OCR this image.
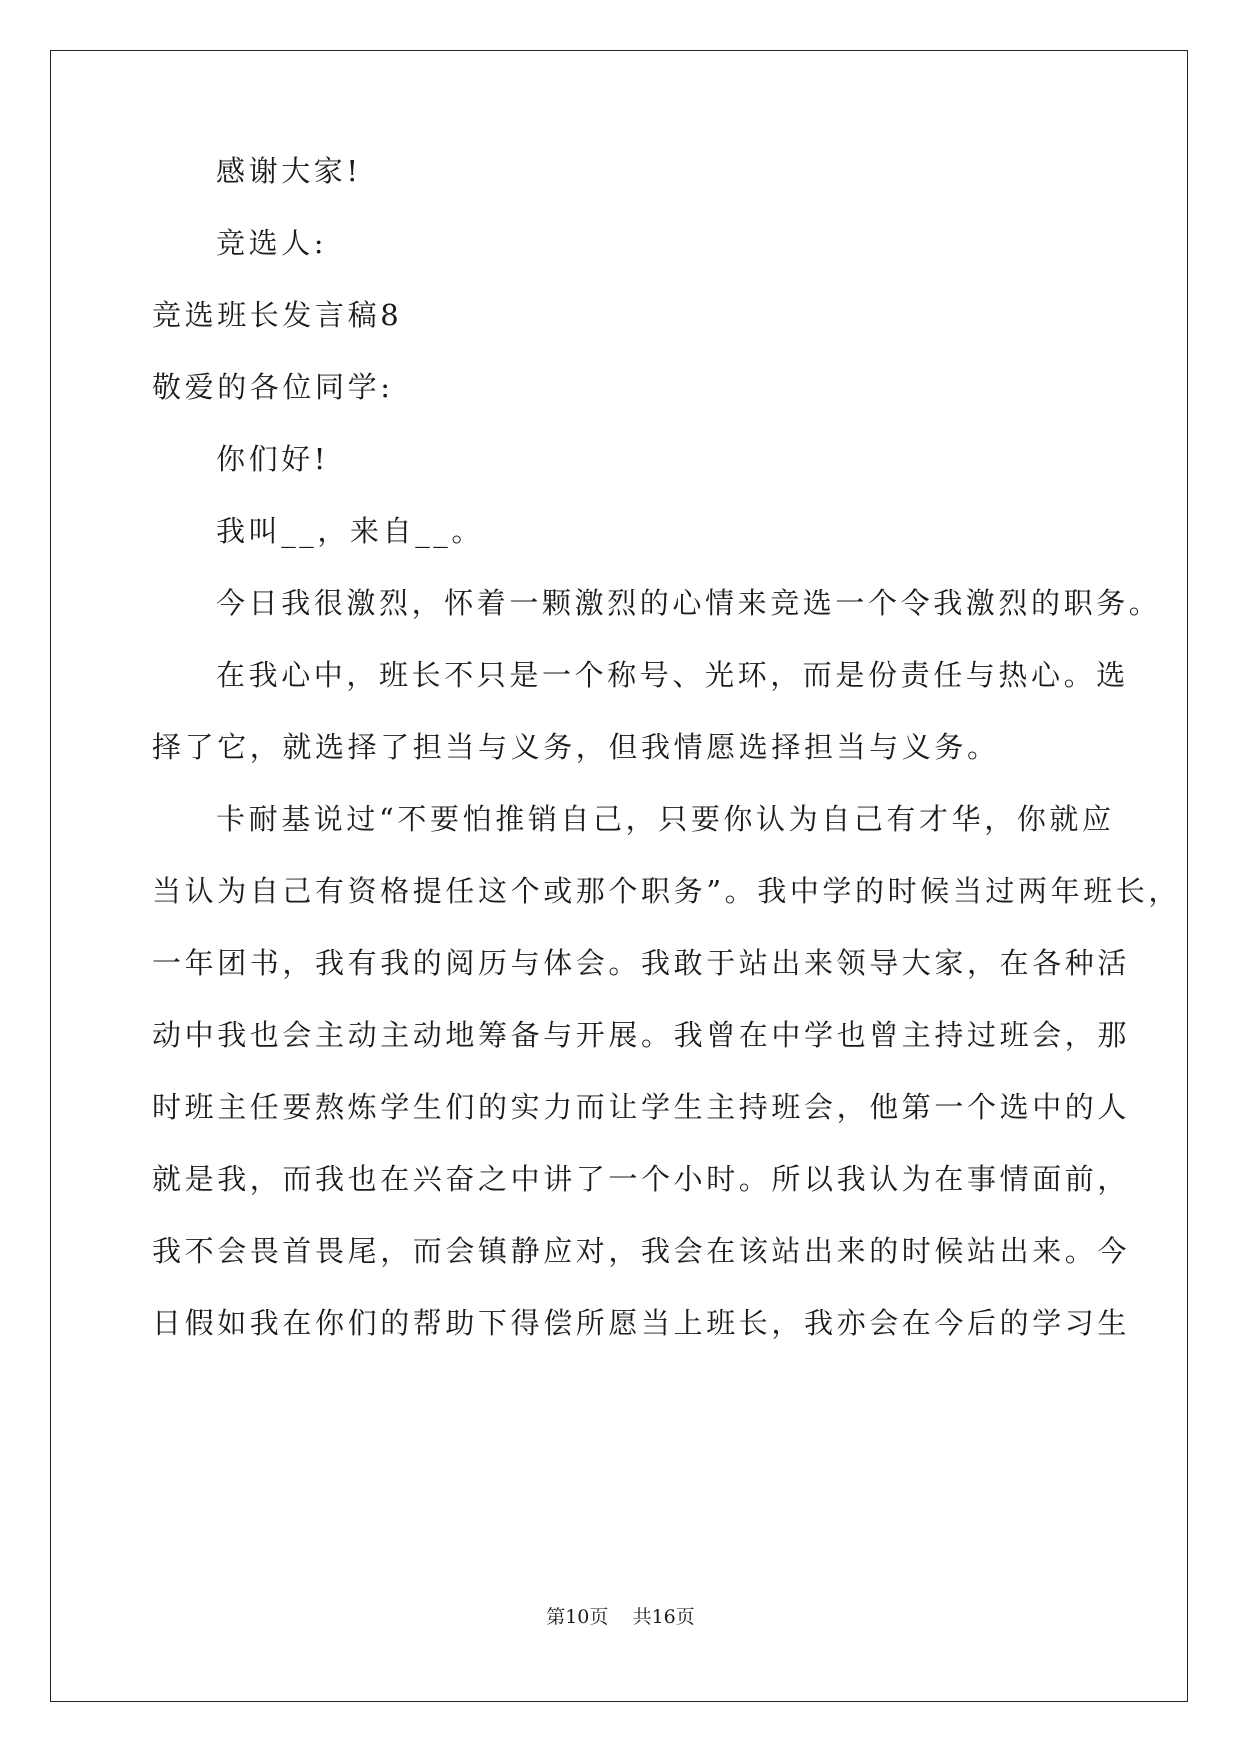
感谢大家!
竞选人:
竞选班长发言稿8
敬爱的各位同学:
你们好!
我叫__，来自__。
今日我很激烈，怀着一颗激烈的心情来竞选一个令我激烈的职务。
在我心中，班长不只是一个称号、光环，而是份责任与热心。选
择了它，就选择了担当与义务，但我情愿选择担当与义务。
卡耐基说过“不要怕推销自己，只要你认为自己有才华，你就应
当认为自己有资格提任这个或那个职务”。我中学的时候当过两年班长，
一年团书，我有我的阅历与体会。我敢于站出来领导大家，在各种活
动中我也会主动主动地筹备与开展。我曾在中学也曾主持过班会，那
时班主任要熬炼学生们的实力而让学生主持班会，他第一个选中的人
就是我，而我也在兴奋之中讲了一个小时。所以我认为在事情面前，
我不会畏首畏尾，而会镇静应对，我会在该站出来的时候站出来。今
日假如我在你们的帮助下得偿所愿当上班长，我亦会在今后的学习生
第10页 共16页
